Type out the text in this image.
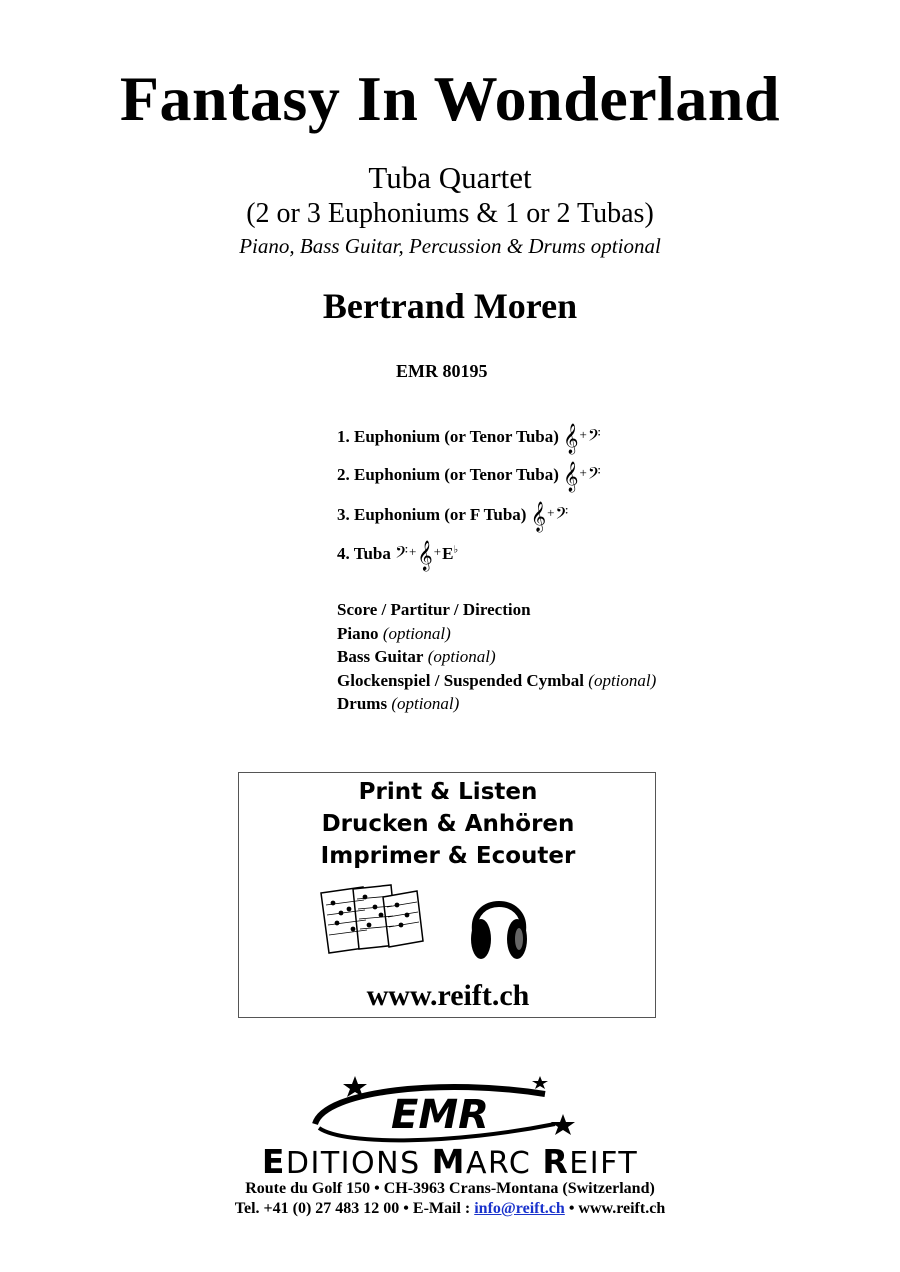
Fantasy In Wonderland
Tuba Quartet
(2 or 3 Euphoniums & 1 or 2 Tubas)
Piano, Bass Guitar, Percussion & Drums optional
Bertrand Moren
EMR 80195
1. Euphonium (or Tenor Tuba) 𝄞+𝄢
2. Euphonium (or Tenor Tuba) 𝄞+𝄢
3. Euphonium (or F Tuba) 𝄞+𝄢
4. Tuba 𝄢+𝄞+E♭
Score / Partitur / Direction
Piano (optional)
Bass Guitar (optional)
Glockenspiel / Suspended Cymbal (optional)
Drums (optional)
Print & Listen
Drucken & Anhören
Imprimer & Ecouter
www.reift.ch
EMR
EDITIONS MARC REIFT
Route du Golf 150 • CH-3963 Crans-Montana (Switzerland)
Tel. +41 (0) 27 483 12 00 • E-Mail : info@reift.ch • www.reift.ch
